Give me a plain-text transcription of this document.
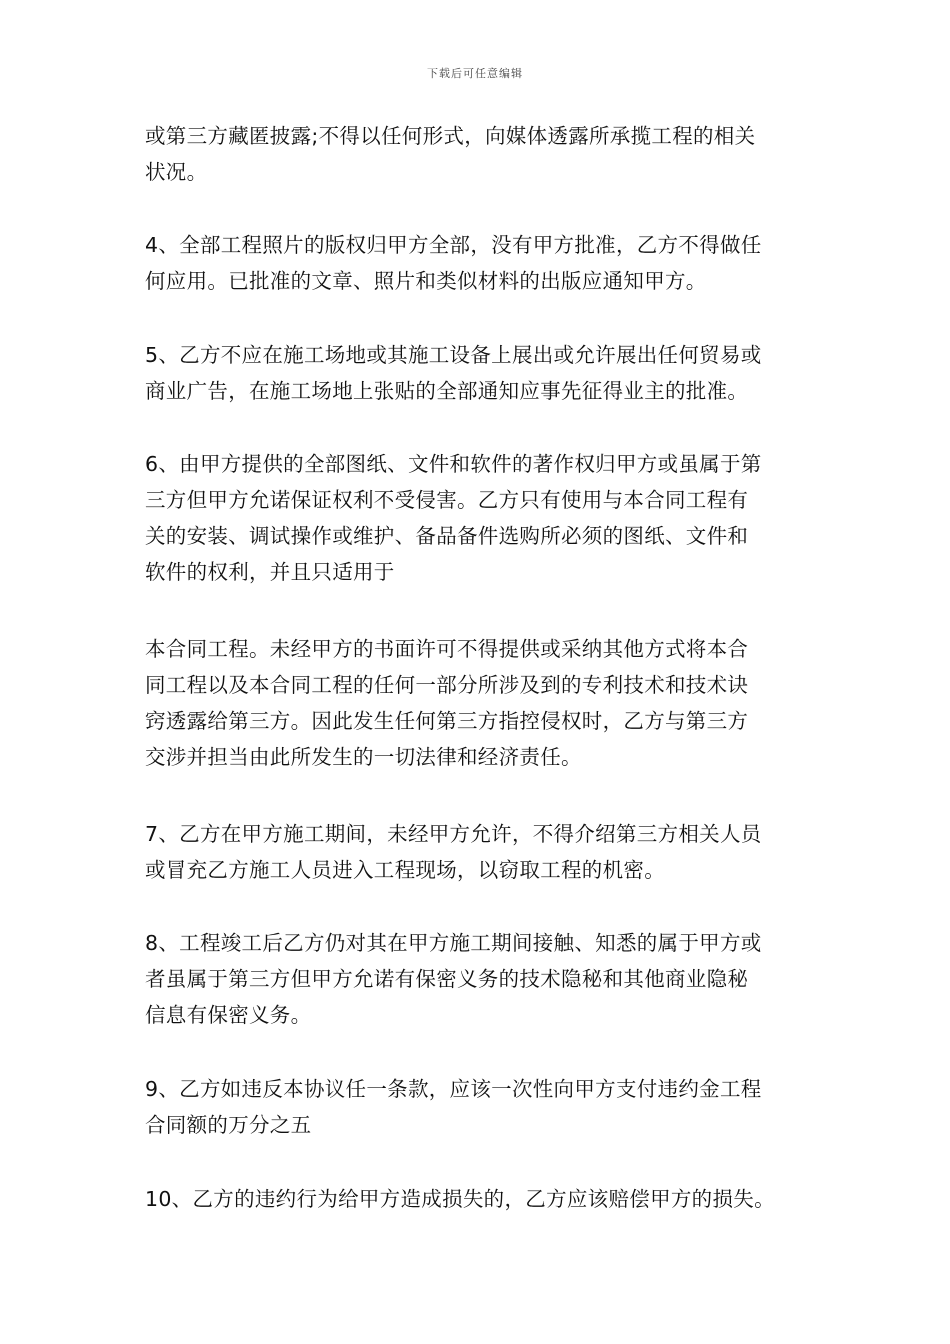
下载后可任意编辑
或第三方藏匿披露;不得以任何形式，向媒体透露所承揽工程的相关
状况。
4、全部工程照片的版权归甲方全部，没有甲方批准，乙方不得做任
何应用。已批准的文章、照片和类似材料的出版应通知甲方。
5、乙方不应在施工场地或其施工设备上展出或允许展出任何贸易或
商业广告，在施工场地上张贴的全部通知应事先征得业主的批准。
6、由甲方提供的全部图纸、文件和软件的著作权归甲方或虽属于第
三方但甲方允诺保证权利不受侵害。乙方只有使用与本合同工程有
关的安装、调试操作或维护、备品备件选购所必须的图纸、文件和
软件的权利，并且只适用于
本合同工程。未经甲方的书面许可不得提供或采纳其他方式将本合
同工程以及本合同工程的任何一部分所涉及到的专利技术和技术诀
窍透露给第三方。因此发生任何第三方指控侵权时，乙方与第三方
交涉并担当由此所发生的一切法律和经济责任。
7、乙方在甲方施工期间，未经甲方允许，不得介绍第三方相关人员
或冒充乙方施工人员进入工程现场，以窃取工程的机密。
8、工程竣工后乙方仍对其在甲方施工期间接触、知悉的属于甲方或
者虽属于第三方但甲方允诺有保密义务的技术隐秘和其他商业隐秘
信息有保密义务。
9、乙方如违反本协议任一条款，应该一次性向甲方支付违约金工程
合同额的万分之五
10、乙方的违约行为给甲方造成损失的，乙方应该赔偿甲方的损失。
